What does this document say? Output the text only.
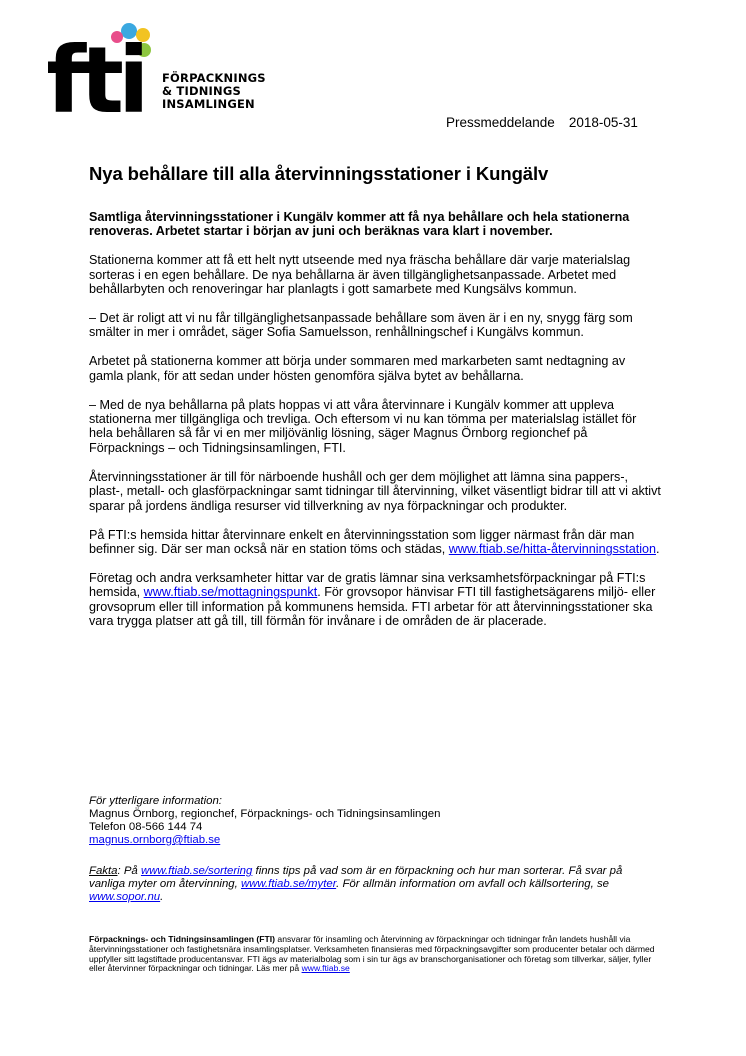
fti FÖRPACKNINGS
& TIDNINGS
INSAMLINGEN
Pressmeddelande 2018-05-31
Nya behållare till alla återvinningsstationer i Kungälv

Samtliga återvinningsstationer i Kungälv kommer att få nya behållare och hela stationerna renoveras. Arbetet startar i början av juni och beräknas vara klart i november.

Stationerna kommer att få ett helt nytt utseende med nya fräscha behållare där varje materialslag sorteras i en egen behållare. De nya behållarna är även tillgänglighetsanpassade. Arbetet med behållarbyten och renoveringar har planlagts i gott samarbete med Kungsälvs kommun.

– Det är roligt att vi nu får tillgänglighetsanpassade behållare som även är i en ny, snygg färg som smälter in mer i området, säger Sofia Samuelsson, renhållningschef i Kungälvs kommun.

Arbetet på stationerna kommer att börja under sommaren med markarbeten samt nedtagning av gamla plank, för att sedan under hösten genomföra själva bytet av behållarna.

– Med de nya behållarna på plats hoppas vi att våra återvinnare i Kungälv kommer att uppleva stationerna mer tillgängliga och trevliga. Och eftersom vi nu kan tömma per materialslag istället för hela behållaren så får vi en mer miljövänlig lösning, säger Magnus Örnborg regionchef på Förpacknings – och Tidningsinsamlingen, FTI.

Återvinningsstationer är till för närboende hushåll och ger dem möjlighet att lämna sina pappers-, plast-, metall- och glasförpackningar samt tidningar till återvinning, vilket väsentligt bidrar till att vi aktivt sparar på jordens ändliga resurser vid tillverkning av nya förpackningar och produkter.

På FTI:s hemsida hittar återvinnare enkelt en återvinningsstation som ligger närmast från där man befinner sig. Där ser man också när en station töms och städas, www.ftiab.se/hitta-återvinningsstation.

Företag och andra verksamheter hittar var de gratis lämnar sina verksamhetsförpackningar på FTI:s hemsida, www.ftiab.se/mottagningspunkt. För grovsopor hänvisar FTI till fastighetsägarens miljö- eller grovsoprum eller till information på kommunens hemsida. FTI arbetar för att återvinningsstationer ska vara trygga platser att gå till, till förmån för invånare i de områden de är placerade.

För ytterligare information:

Magnus Örnborg, regionchef, Förpacknings- och Tidningsinsamlingen

Telefon 08-566 144 74

magnus.ornborg@ftiab.se

Fakta: På www.ftiab.se/sortering finns tips på vad som är en förpackning och hur man sorterar. Få svar på vanliga myter om återvinning, www.ftiab.se/myter. För allmän information om avfall och källsortering, se www.sopor.nu.

Förpacknings- och Tidningsinsamlingen (FTI) ansvarar för insamling och återvinning av förpackningar och tidningar från landets hushåll via återvinningsstationer och fastighetsnära insamlingsplatser. Verksamheten finansieras med förpackningsavgifter som producenter betalar och därmed uppfyller sitt lagstiftade producentansvar. FTI ägs av materialbolag som i sin tur ägs av branschorganisationer och företag som tillverkar, säljer, fyller eller återvinner förpackningar och tidningar. Läs mer på www.ftiab.se
